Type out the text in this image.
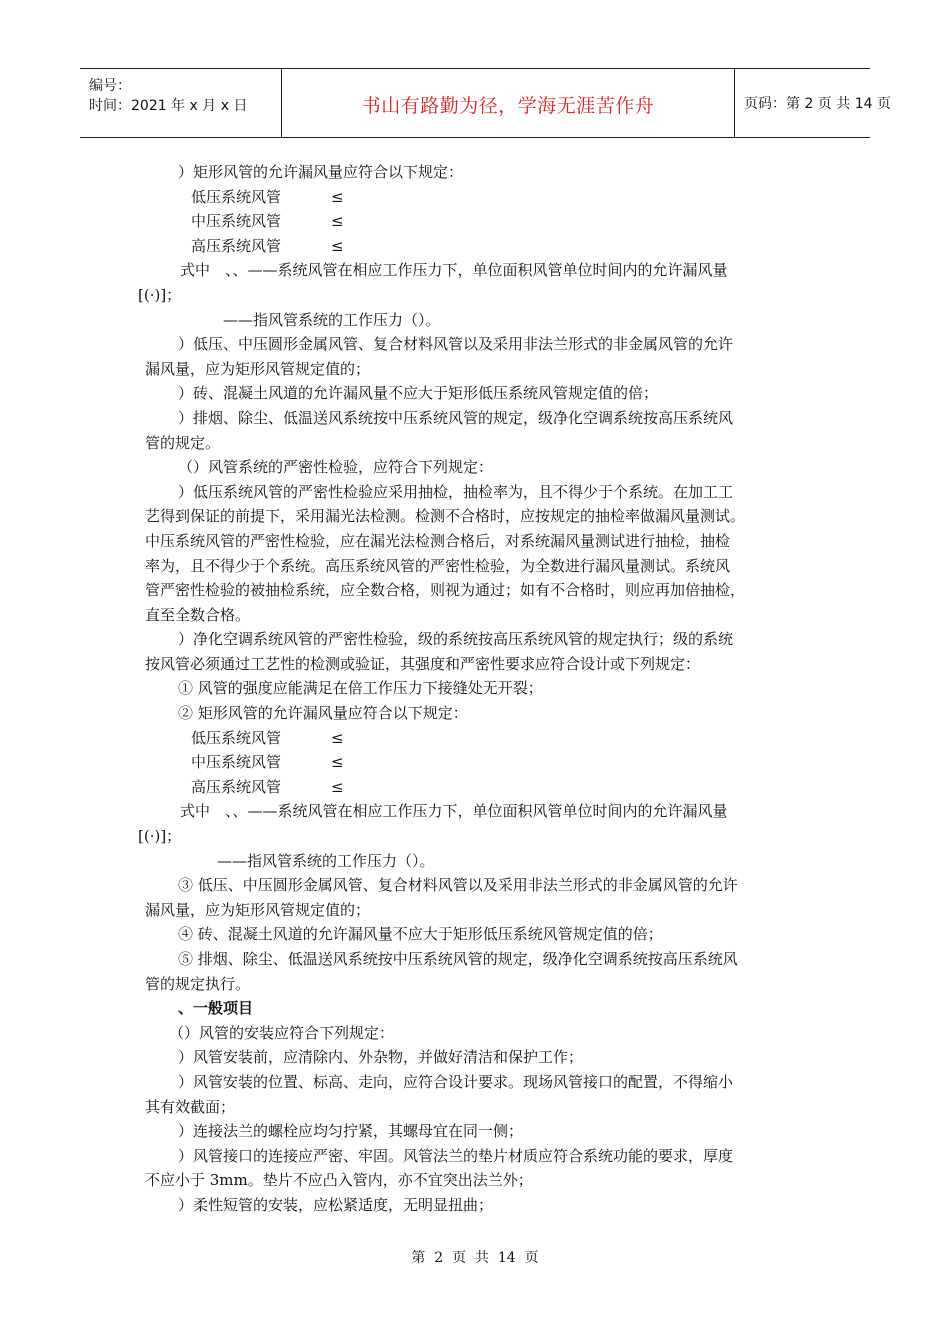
编号：
时间：2021 年 x 月 x 日	书山有路勤为径，学海无涯苦作舟	页码：第 2 页 共 14 页

）矩形风管的允许漏风量应符合以下规定：

低压系统风管	≤
中压系统风管	≤
高压系统风管	≤

式中　、、——系统风管在相应工作压力下，单位面积风管单位时间内的允许漏风量

[(·)]；

——指风管系统的工作压力（）。

）低压、中压圆形金属风管、复合材料风管以及采用非法兰形式的非金属风管的允许

漏风量，应为矩形风管规定值的；

）砖、混凝土风道的允许漏风量不应大于矩形低压系统风管规定值的倍；

）排烟、除尘、低温送风系统按中压系统风管的规定，级净化空调系统按高压系统风

管的规定。

（）风管系统的严密性检验，应符合下列规定：

）低压系统风管的严密性检验应采用抽检，抽检率为，且不得少于个系统。在加工工

艺得到保证的前提下，采用漏光法检测。检测不合格时，应按规定的抽检率做漏风量测试。

中压系统风管的严密性检验，应在漏光法检测合格后，对系统漏风量测试进行抽检，抽检

率为，且不得少于个系统。高压系统风管的严密性检验，为全数进行漏风量测试。系统风

管严密性检验的被抽检系统，应全数合格，则视为通过；如有不合格时，则应再加倍抽检，

直至全数合格。

）净化空调系统风管的严密性检验，级的系统按高压系统风管的规定执行；级的系统

按风管必须通过工艺性的检测或验证，其强度和严密性要求应符合设计或下列规定：

① 风管的强度应能满足在倍工作压力下接缝处无开裂；

② 矩形风管的允许漏风量应符合以下规定：

低压系统风管	≤
中压系统风管	≤
高压系统风管	≤

式中　、、——系统风管在相应工作压力下，单位面积风管单位时间内的允许漏风量

[(·)]；

——指风管系统的工作压力（）。

③ 低压、中压圆形金属风管、复合材料风管以及采用非法兰形式的非金属风管的允许

漏风量，应为矩形风管规定值的；

④ 砖、混凝土风道的允许漏风量不应大于矩形低压系统风管规定值的倍；

⑤ 排烟、除尘、低温送风系统按中压系统风管的规定，级净化空调系统按高压系统风

管的规定执行。

、一般项目

（）风管的安装应符合下列规定：

）风管安装前，应清除内、外杂物，并做好清洁和保护工作；

）风管安装的位置、标高、走向，应符合设计要求。现场风管接口的配置，不得缩小

其有效截面；

）连接法兰的螺栓应均匀拧紧，其螺母宜在同一侧；

）风管接口的连接应严密、牢固。风管法兰的垫片材质应符合系统功能的要求，厚度

不应小于 3mm。垫片不应凸入管内，亦不宜突出法兰外；

）柔性短管的安装，应松紧适度，无明显扭曲；

第  2  页  共  14  页
